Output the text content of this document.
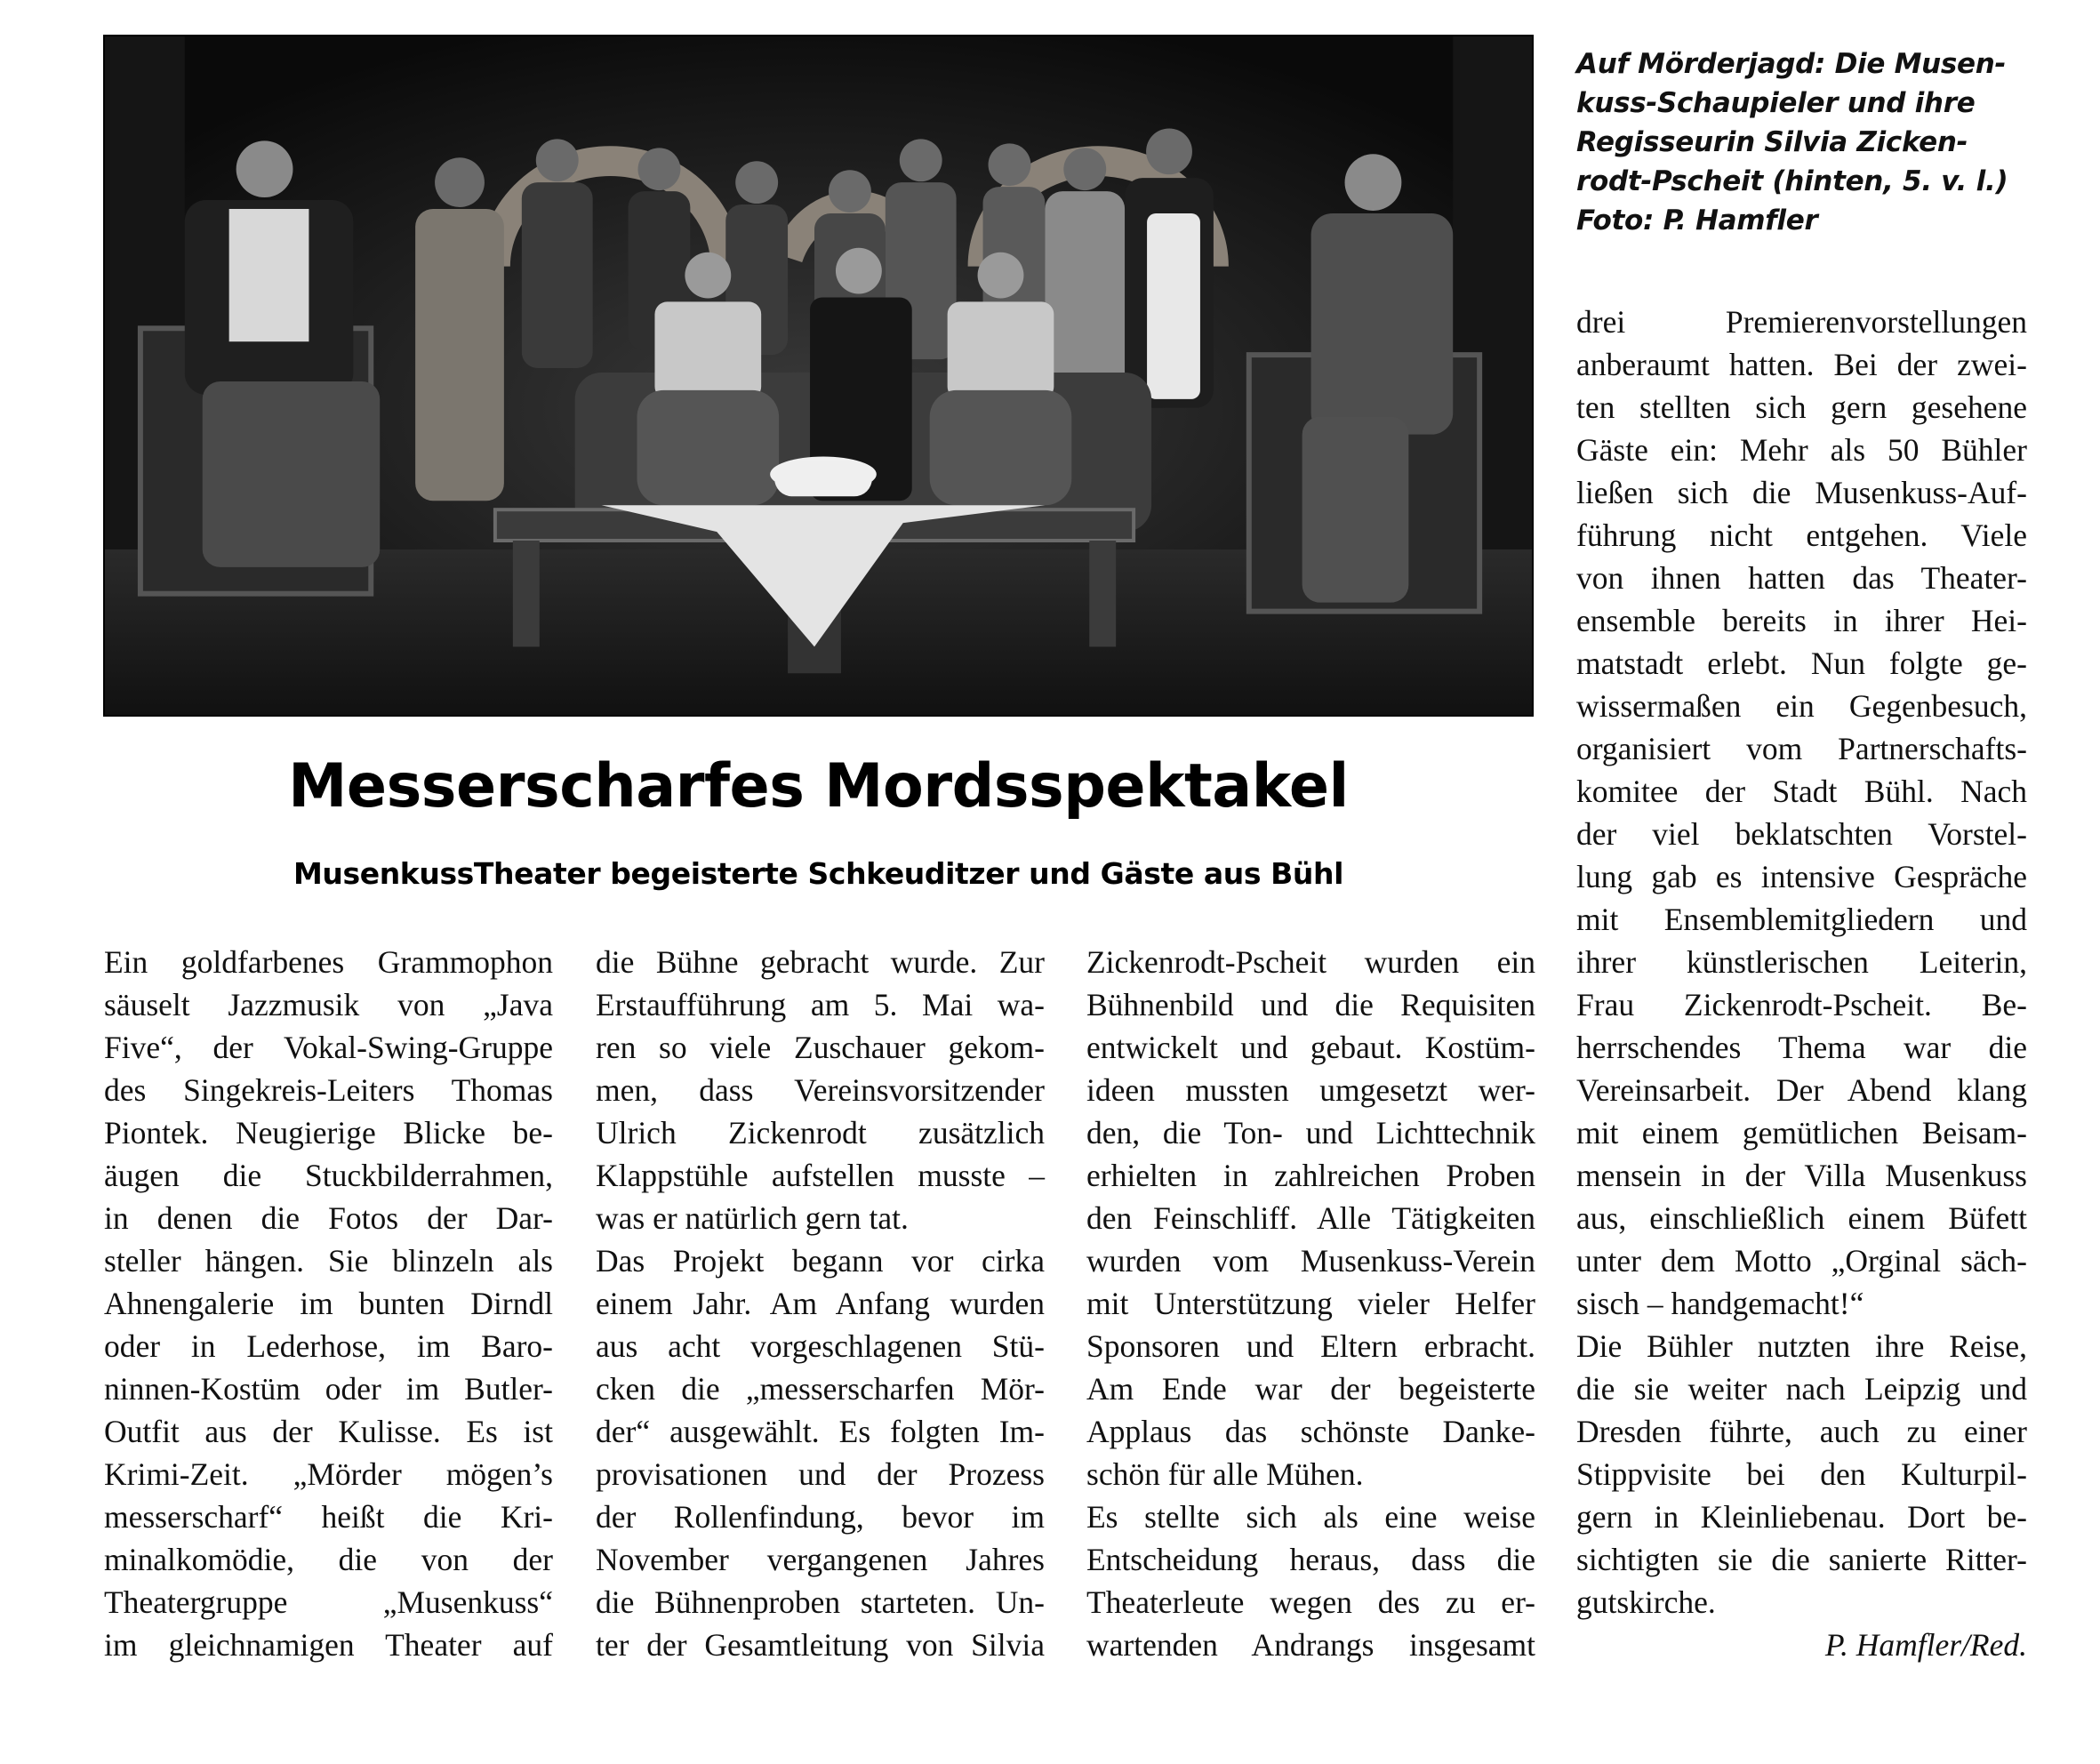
Auf Mörderjagd: Die Musen-
kuss-Schaupieler und ihre
Regisseurin Silvia Zicken-
rodt-Pscheit (hinten, 5. v. l.)
Foto: P. Hamfler
Messerscharfes Mordsspektakel
MusenkussTheater begeisterte Schkeuditzer und Gäste aus Bühl
Ein goldfarbenes Grammophon
säuselt Jazzmusik von „Java
Five“, der Vokal-Swing-Gruppe
des Singekreis-Leiters Thomas
Piontek. Neugierige Blicke be-
äugen die Stuckbilderrahmen,
in denen die Fotos der Dar-
steller hängen. Sie blinzeln als
Ahnengalerie im bunten Dirndl
oder in Lederhose, im Baro-
ninnen-Kostüm oder im Butler-
Outfit aus der Kulisse. Es ist
Krimi-Zeit. „Mörder mögen’s
messerscharf“ heißt die Kri-
minalkomödie, die von der
Theatergruppe „Musenkuss“
im gleichnamigen Theater auf
die Bühne gebracht wurde. Zur
Erstaufführung am 5. Mai wa-
ren so viele Zuschauer gekom-
men, dass Vereinsvorsitzender
Ulrich Zickenrodt zusätzlich
Klappstühle aufstellen musste –
was er natürlich gern tat.
Das Projekt begann vor cirka
einem Jahr. Am Anfang wurden
aus acht vorgeschlagenen Stü-
cken die „messerscharfen Mör-
der“ ausgewählt. Es folgten Im-
provisationen und der Prozess
der Rollenfindung, bevor im
November vergangenen Jahres
die Bühnenproben starteten. Un-
ter der Gesamtleitung von Silvia
Zickenrodt-Pscheit wurden ein
Bühnenbild und die Requisiten
entwickelt und gebaut. Kostüm-
ideen mussten umgesetzt wer-
den, die Ton- und Lichttechnik
erhielten in zahlreichen Proben
den Feinschliff. Alle Tätigkeiten
wurden vom Musenkuss-Verein
mit Unterstützung vieler Helfer
Sponsoren und Eltern erbracht.
Am Ende war der begeisterte
Applaus das schönste Danke-
schön für alle Mühen.
Es stellte sich als eine weise
Entscheidung heraus, dass die
Theaterleute wegen des zu er-
wartenden Andrangs insgesamt
drei Premierenvorstellungen
anberaumt hatten. Bei der zwei-
ten stellten sich gern gesehene
Gäste ein: Mehr als 50 Bühler
ließen sich die Musenkuss-Auf-
führung nicht entgehen. Viele
von ihnen hatten das Theater-
ensemble bereits in ihrer Hei-
matstadt erlebt. Nun folgte ge-
wissermaßen ein Gegenbesuch,
organisiert vom Partnerschafts-
komitee der Stadt Bühl. Nach
der viel beklatschten Vorstel-
lung gab es intensive Gespräche
mit Ensemblemitgliedern und
ihrer künstlerischen Leiterin,
Frau Zickenrodt-Pscheit. Be-
herrschendes Thema war die
Vereinsarbeit. Der Abend klang
mit einem gemütlichen Beisam-
mensein in der Villa Musenkuss
aus, einschließlich einem Büfett
unter dem Motto „Orginal säch-
sisch – handgemacht!“
Die Bühler nutzten ihre Reise,
die sie weiter nach Leipzig und
Dresden führte, auch zu einer
Stippvisite bei den Kulturpil-
gern in Kleinliebenau. Dort be-
sichtigten sie die sanierte Ritter-
gutskirche.
P. Hamfler/Red.
